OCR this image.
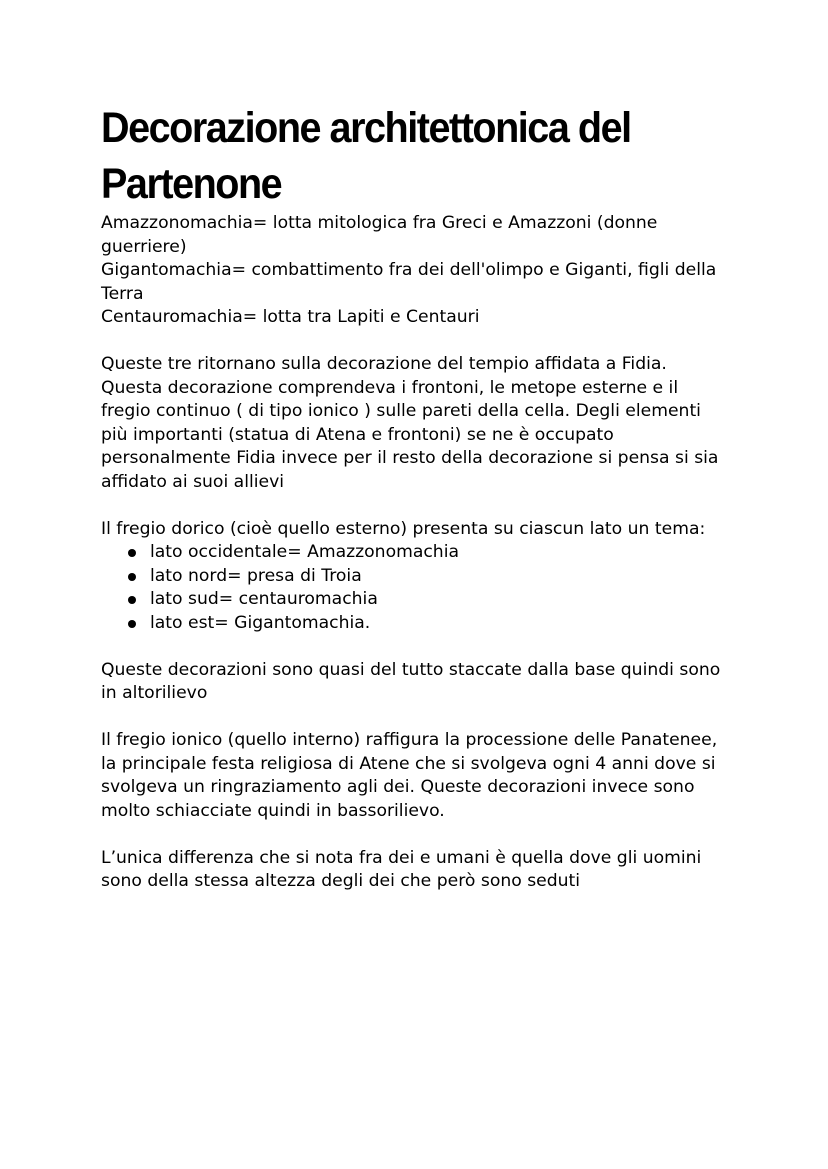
Decorazione architettonica del
Partenone

Amazzonomachia= lotta mitologica fra Greci e Amazzoni (donne guerriere)

Gigantomachia= combattimento fra dei dell'olimpo e Giganti, figli della Terra

Centauromachia= lotta tra Lapiti e Centauri

Queste tre ritornano sulla decorazione del tempio affidata a Fidia. Questa decorazione comprendeva i frontoni, le metope esterne e il fregio continuo ( di tipo ionico ) sulle pareti della cella. Degli elementi più importanti (statua di Atena e frontoni) se ne è occupato personalmente Fidia invece per il resto della decorazione si pensa si sia affidato ai suoi allievi

Il fregio dorico (cioè quello esterno) presenta su ciascun lato un tema:

lato occidentale= Amazzonomachia
lato nord= presa di Troia
lato sud= centauromachia
lato est= Gigantomachia.

Queste decorazioni sono quasi del tutto staccate dalla base quindi sono in altorilievo

Il fregio ionico (quello interno) raffigura la processione delle Panatenee, la principale festa religiosa di Atene che si svolgeva ogni 4 anni dove si svolgeva un ringraziamento agli dei. Queste decorazioni invece sono molto schiacciate quindi in bassorilievo.

L’unica differenza che si nota fra dei e umani è quella dove gli uomini sono della stessa altezza degli dei che però sono seduti
